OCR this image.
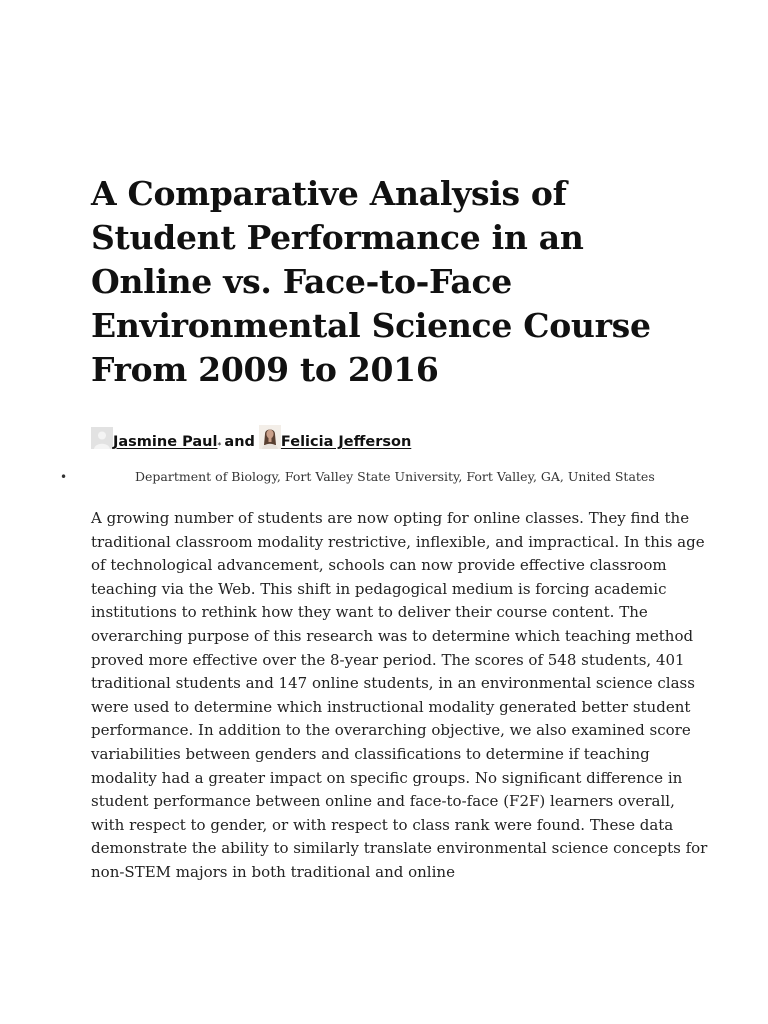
A Comparative Analysis of Student Performance in an Online vs. Face-to-Face Environmental Science Course From 2009 to 2016
Jasmine Paul * and Felicia Jefferson
•	Department of Biology, Fort Valley State University, Fort Valley, GA, United States

A growing number of students are now opting for online classes. They find the traditional classroom modality restrictive, inflexible, and impractical. In this age of technological advancement, schools can now provide effective classroom teaching via the Web. This shift in pedagogical medium is forcing academic institutions to rethink how they want to deliver their course content. The overarching purpose of this research was to determine which teaching method proved more effective over the 8-year period. The scores of 548 students, 401 traditional students and 147 online students, in an environmental science class were used to determine which instructional modality generated better student performance. In addition to the overarching objective, we also examined score variabilities between genders and classifications to determine if teaching modality had a greater impact on specific groups. No significant difference in student performance between online and face-to-face (F2F) learners overall, with respect to gender, or with respect to class rank were found. These data demonstrate the ability to similarly translate environmental science concepts for non-STEM majors in both traditional and online
